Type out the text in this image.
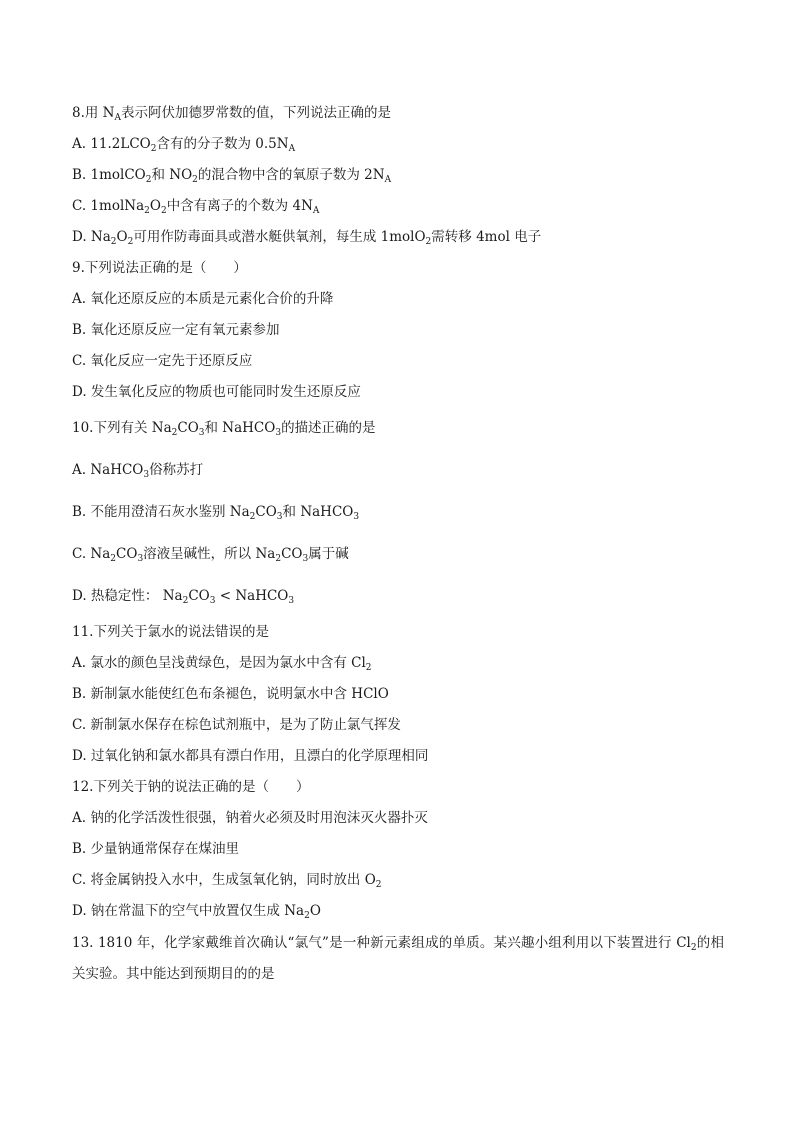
8.用 $N_A$表示阿伏加德罗常数的值，下列说法正确的是
A. $11.2LCO_2$含有的分子数为 $0.5N_A$
B. 1molCO$_2$和 $NO_2$的混合物中含的氧原子数为 $2N_A$
C. $1molNa_2O_2$中含有离子的个数为 $4N_A$
D. $Na_2O_2$可用作防毒面具或潜水艇供氧剂，每生成 1molO$_2$需转移 4mol 电子
9.下列说法正确的是（　　）
A. 氧化还原反应的本质是元素化合价的升降
B. 氧化还原反应一定有氧元素参加
C. 氧化反应一定先于还原反应
D. 发生氧化反应的物质也可能同时发生还原反应
10.下列有关 $Na_2CO_3$和 NaHCO$_3$的描述正确的是
A. NaHCO$_3$俗称苏打
B. 不能用澄清石灰水鉴别 $Na_2CO_3$和 NaHCO$_3$
C. $Na_2CO_3$溶液呈碱性，所以 $Na_2CO_3$属于碱
D. 热稳定性： $Na_2CO_3$ < NaHCO$_3$
11.下列关于氯水的说法错误的是
A. 氯水的颜色呈浅黄绿色，是因为氯水中含有 $Cl_2$
B. 新制氯水能使红色布条褪色，说明氯水中含 HClO
C. 新制氯水保存在棕色试剂瓶中，是为了防止氯气挥发
D. 过氧化钠和氯水都具有漂白作用，且漂白的化学原理相同
12.下列关于钠的说法正确的是（　　）
A. 钠的化学活泼性很强，钠着火必须及时用泡沫灭火器扑灭
B. 少量钠通常保存在煤油里
C. 将金属钠投入水中，生成氢氧化钠，同时放出 $O_2$
D. 钠在常温下的空气中放置仅生成 $Na_2O$
13. 1810 年，化学家戴维首次确认“氯气”是一种新元素组成的单质。某兴趣小组利用以下装置进行 $Cl_2$的相关实验。其中能达到预期目的的是
